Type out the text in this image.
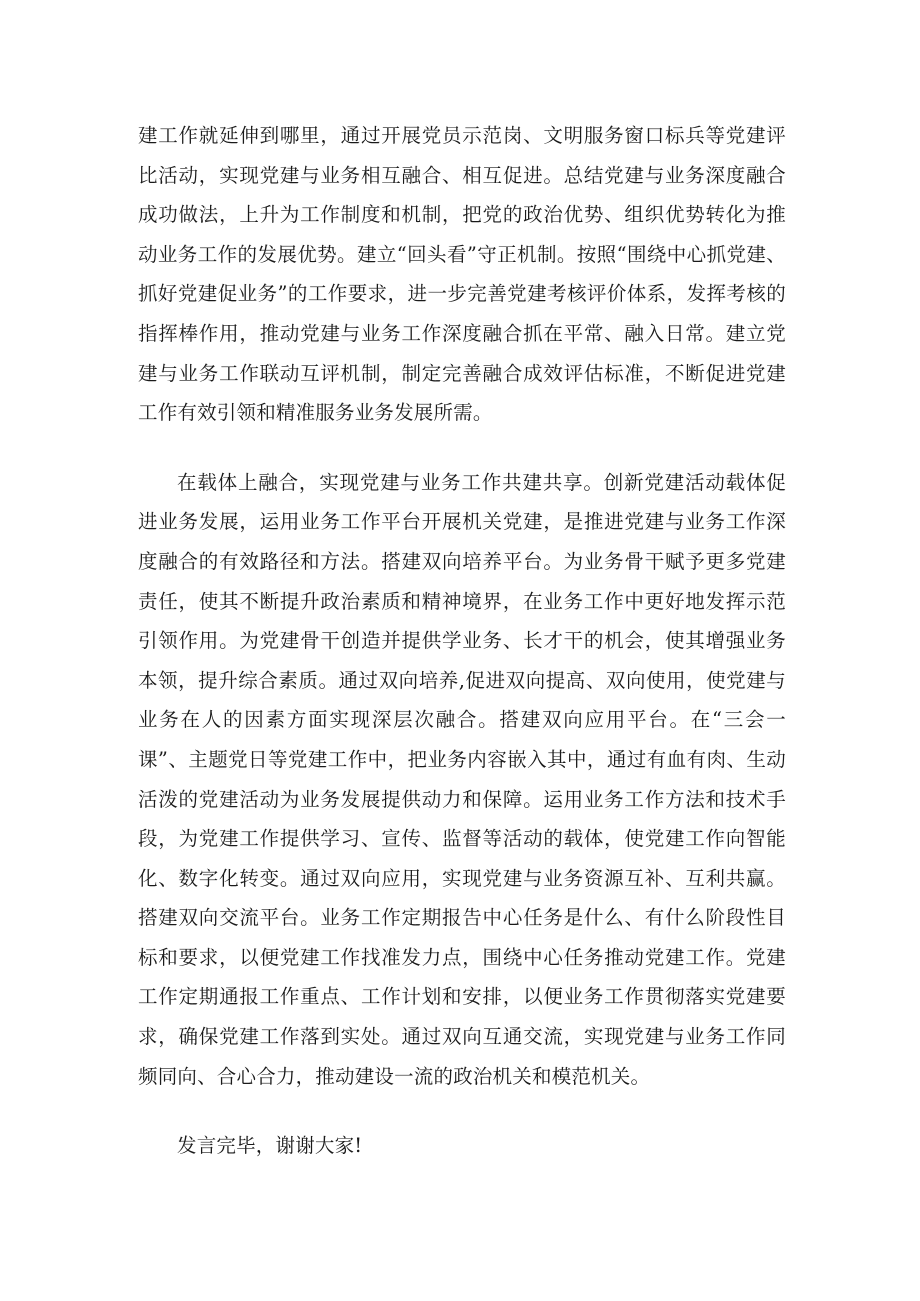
建工作就延伸到哪里，通过开展党员示范岗、文明服务窗口标兵等党建评比活动，实现党建与业务相互融合、相互促进。总结党建与业务深度融合成功做法，上升为工作制度和机制，把党的政治优势、组织优势转化为推动业务工作的发展优势。建立“回头看”守正机制。按照“围绕中心抓党建、抓好党建促业务”的工作要求，进一步完善党建考核评价体系，发挥考核的指挥棒作用，推动党建与业务工作深度融合抓在平常、融入日常。建立党建与业务工作联动互评机制，制定完善融合成效评估标准，不断促进党建工作有效引领和精准服务业务发展所需。

在载体上融合，实现党建与业务工作共建共享。创新党建活动载体促进业务发展，运用业务工作平台开展机关党建，是推进党建与业务工作深度融合的有效路径和方法。搭建双向培养平台。为业务骨干赋予更多党建责任，使其不断提升政治素质和精神境界，在业务工作中更好地发挥示范引领作用。为党建骨干创造并提供学业务、长才干的机会，使其增强业务本领，提升综合素质。通过双向培养,促进双向提高、双向使用，使党建与业务在人的因素方面实现深层次融合。搭建双向应用平台。在“三会一课”、主题党日等党建工作中，把业务内容嵌入其中，通过有血有肉、生动活泼的党建活动为业务发展提供动力和保障。运用业务工作方法和技术手段，为党建工作提供学习、宣传、监督等活动的载体，使党建工作向智能化、数字化转变。通过双向应用，实现党建与业务资源互补、互利共赢。搭建双向交流平台。业务工作定期报告中心任务是什么、有什么阶段性目标和要求，以便党建工作找准发力点，围绕中心任务推动党建工作。党建工作定期通报工作重点、工作计划和安排，以便业务工作贯彻落实党建要求，确保党建工作落到实处。通过双向互通交流，实现党建与业务工作同频同向、合心合力，推动建设一流的政治机关和模范机关。

发言完毕，谢谢大家!
